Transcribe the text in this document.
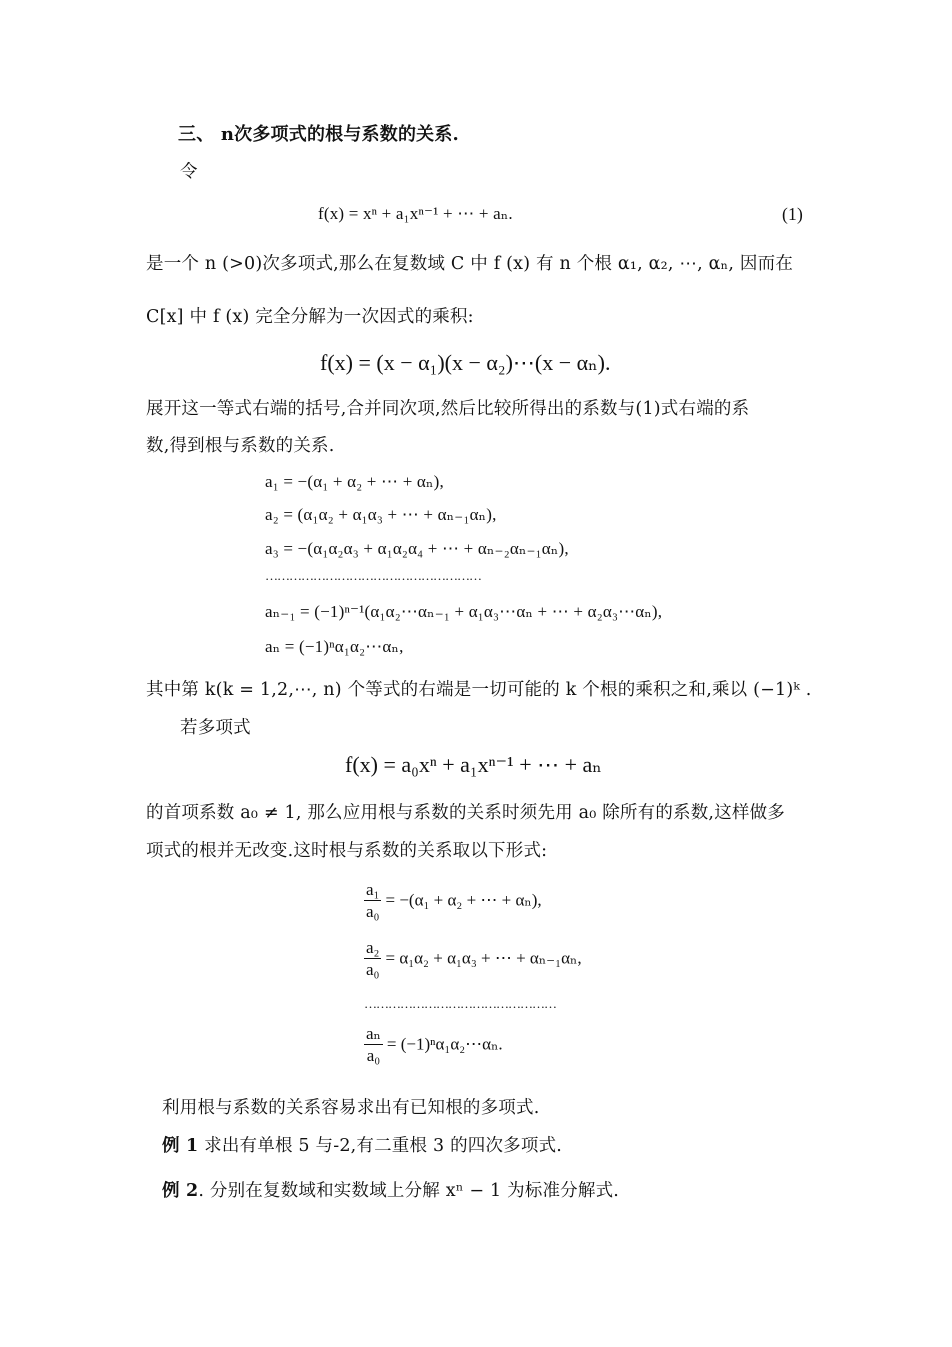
三、 n次多项式的根与系数的关系.
令
f(x) = xⁿ + a₁xⁿ⁻¹ + ⋯ + aₙ.	(1)
是一个 n (>0)次多项式,那么在复数域 C 中 f (x) 有 n 个根 α₁, α₂, ⋯, αₙ, 因而在
C[x] 中 f (x) 完全分解为一次因式的乘积:
f(x) = (x − α₁)(x − α₂)⋯(x − αₙ).
展开这一等式右端的括号,合并同次项,然后比较所得出的系数与(1)式右端的系
数,得到根与系数的关系.
a₁ = −(α₁ + α₂ + ⋯ + αₙ),
a₂ = (α₁α₂ + α₁α₃ + ⋯ + αₙ₋₁αₙ),
a₃ = −(α₁α₂α₃ + α₁α₂α₄ + ⋯ + αₙ₋₂αₙ₋₁αₙ),
………………………………………………
aₙ₋₁ = (−1)ⁿ⁻¹(α₁α₂⋯αₙ₋₁ + α₁α₃⋯αₙ + ⋯ + α₂α₃⋯αₙ),
aₙ = (−1)ⁿα₁α₂⋯αₙ,
其中第 k(k = 1,2,⋯, n) 个等式的右端是一切可能的 k 个根的乘积之和,乘以 (−1)ᵏ .
若多项式
f(x) = a₀xⁿ + a₁xⁿ⁻¹ + ⋯ + aₙ
的首项系数 a₀ ≠ 1, 那么应用根与系数的关系时须先用 a₀ 除所有的系数,这样做多
项式的根并无改变.这时根与系数的关系取以下形式:
$\frac{\text{a₁}}{\text{a₀}} = -(\alpha_1 + \alpha_2$ + ⋯ + αₙ),
$\frac{\text{a₂}}{\text{a₀}} = \alpha_1\alpha_2 + \alpha_1\alpha_3$ + ⋯ + αₙ₋₁αₙ,
…………………………………………
$\frac{\text{aₙ}}{\text{a₀}}$ = (−1)ⁿα₁α₂⋯αₙ.
利用根与系数的关系容易求出有已知根的多项式.
例 1 求出有单根 5 与-2,有二重根 3 的四次多项式.
例 2. 分别在复数域和实数域上分解 xⁿ − 1 为标准分解式.
